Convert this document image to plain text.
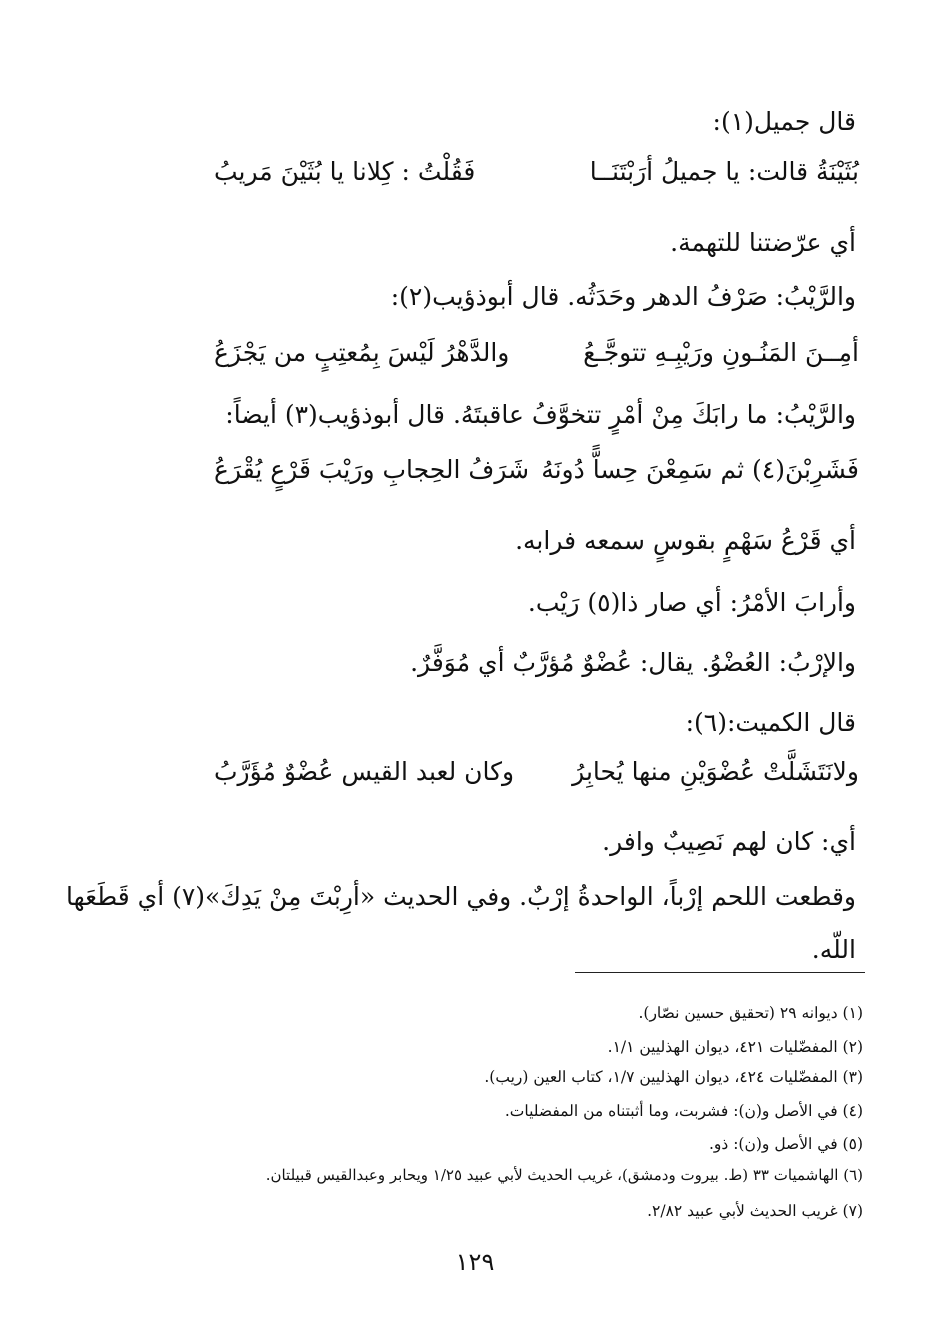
قال جميل(١):
بُثَيْنَةُ قالت: يا جميلُ أرَبْتَنَــا
فَقُلْتُ : كِلانا يا بُثَيْنَ مَريبُ
أي عرّضتنا للتهمة.
والرَّيْبُ: صَرْفُ الدهر وحَدَثُه. قال أبوذؤيب(٢):
أمِــنَ المَنُـونِ ورَيْبِـهِ تتوجَّـعُ
والدَّهْرُ لَيْسَ بِمُعتِبٍ من يَجْزَعُ
والرَّيْبُ: ما رابَكَ مِنْ أمْرٍ تتخوَّفُ عاقبتَهُ. قال أبوذؤيب(٣) أيضاً:
فَشَرِبْنَ(٤) ثم سَمِعْنَ حِساًّ دُونَهُ
شَرَفُ الحِجابِ ورَيْبَ قَرْعٍ يُقْرَعُ
أي قَرْعُ سَهْمٍ بقوسٍ سمعه فرابه.
وأرابَ الأمْرُ: أي صار ذا(٥) رَيْب.
والإرْبُ: العُضْوُ. يقال: عُضْوٌ مُؤرَّبٌ أي مُوَفَّرٌ.
قال الكميت:(٦):
ولانَتَشَلَّتْ عُضْوَيْنِ منها يُحابِرُ
وكان لعبد القيس عُضْوٌ مُؤَرَّبُ
أي: كان لهم نَصِيبٌ وافر.
وقطعت اللحم إرْباً، الواحدةُ إرْبٌ. وفي الحديث «أرِبْتَ مِنْ يَدِكَ»(٧) أي قَطَعَها
اللّه.
(١) ديوانه ٢٩ (تحقيق حسين نصّار).
(٢) المفضّليات ٤٢١، ديوان الهذليين ١/١.
(٣) المفضّليات ٤٢٤، ديوان الهذليين ١/٧، كتاب العين (ريب).
(٤) في الأصل و(ن): فشربت، وما أثبتناه من المفضليات.
(٥) في الأصل و(ن): ذو.
(٦) الهاشميات ٣٣ (ط. بيروت ودمشق)، غريب الحديث لأبي عبيد ١/٢٥ ويحابر وعبدالقيس قبيلتان.
(٧) غريب الحديث لأبي عبيد ٢/٨٢.
١٢٩
